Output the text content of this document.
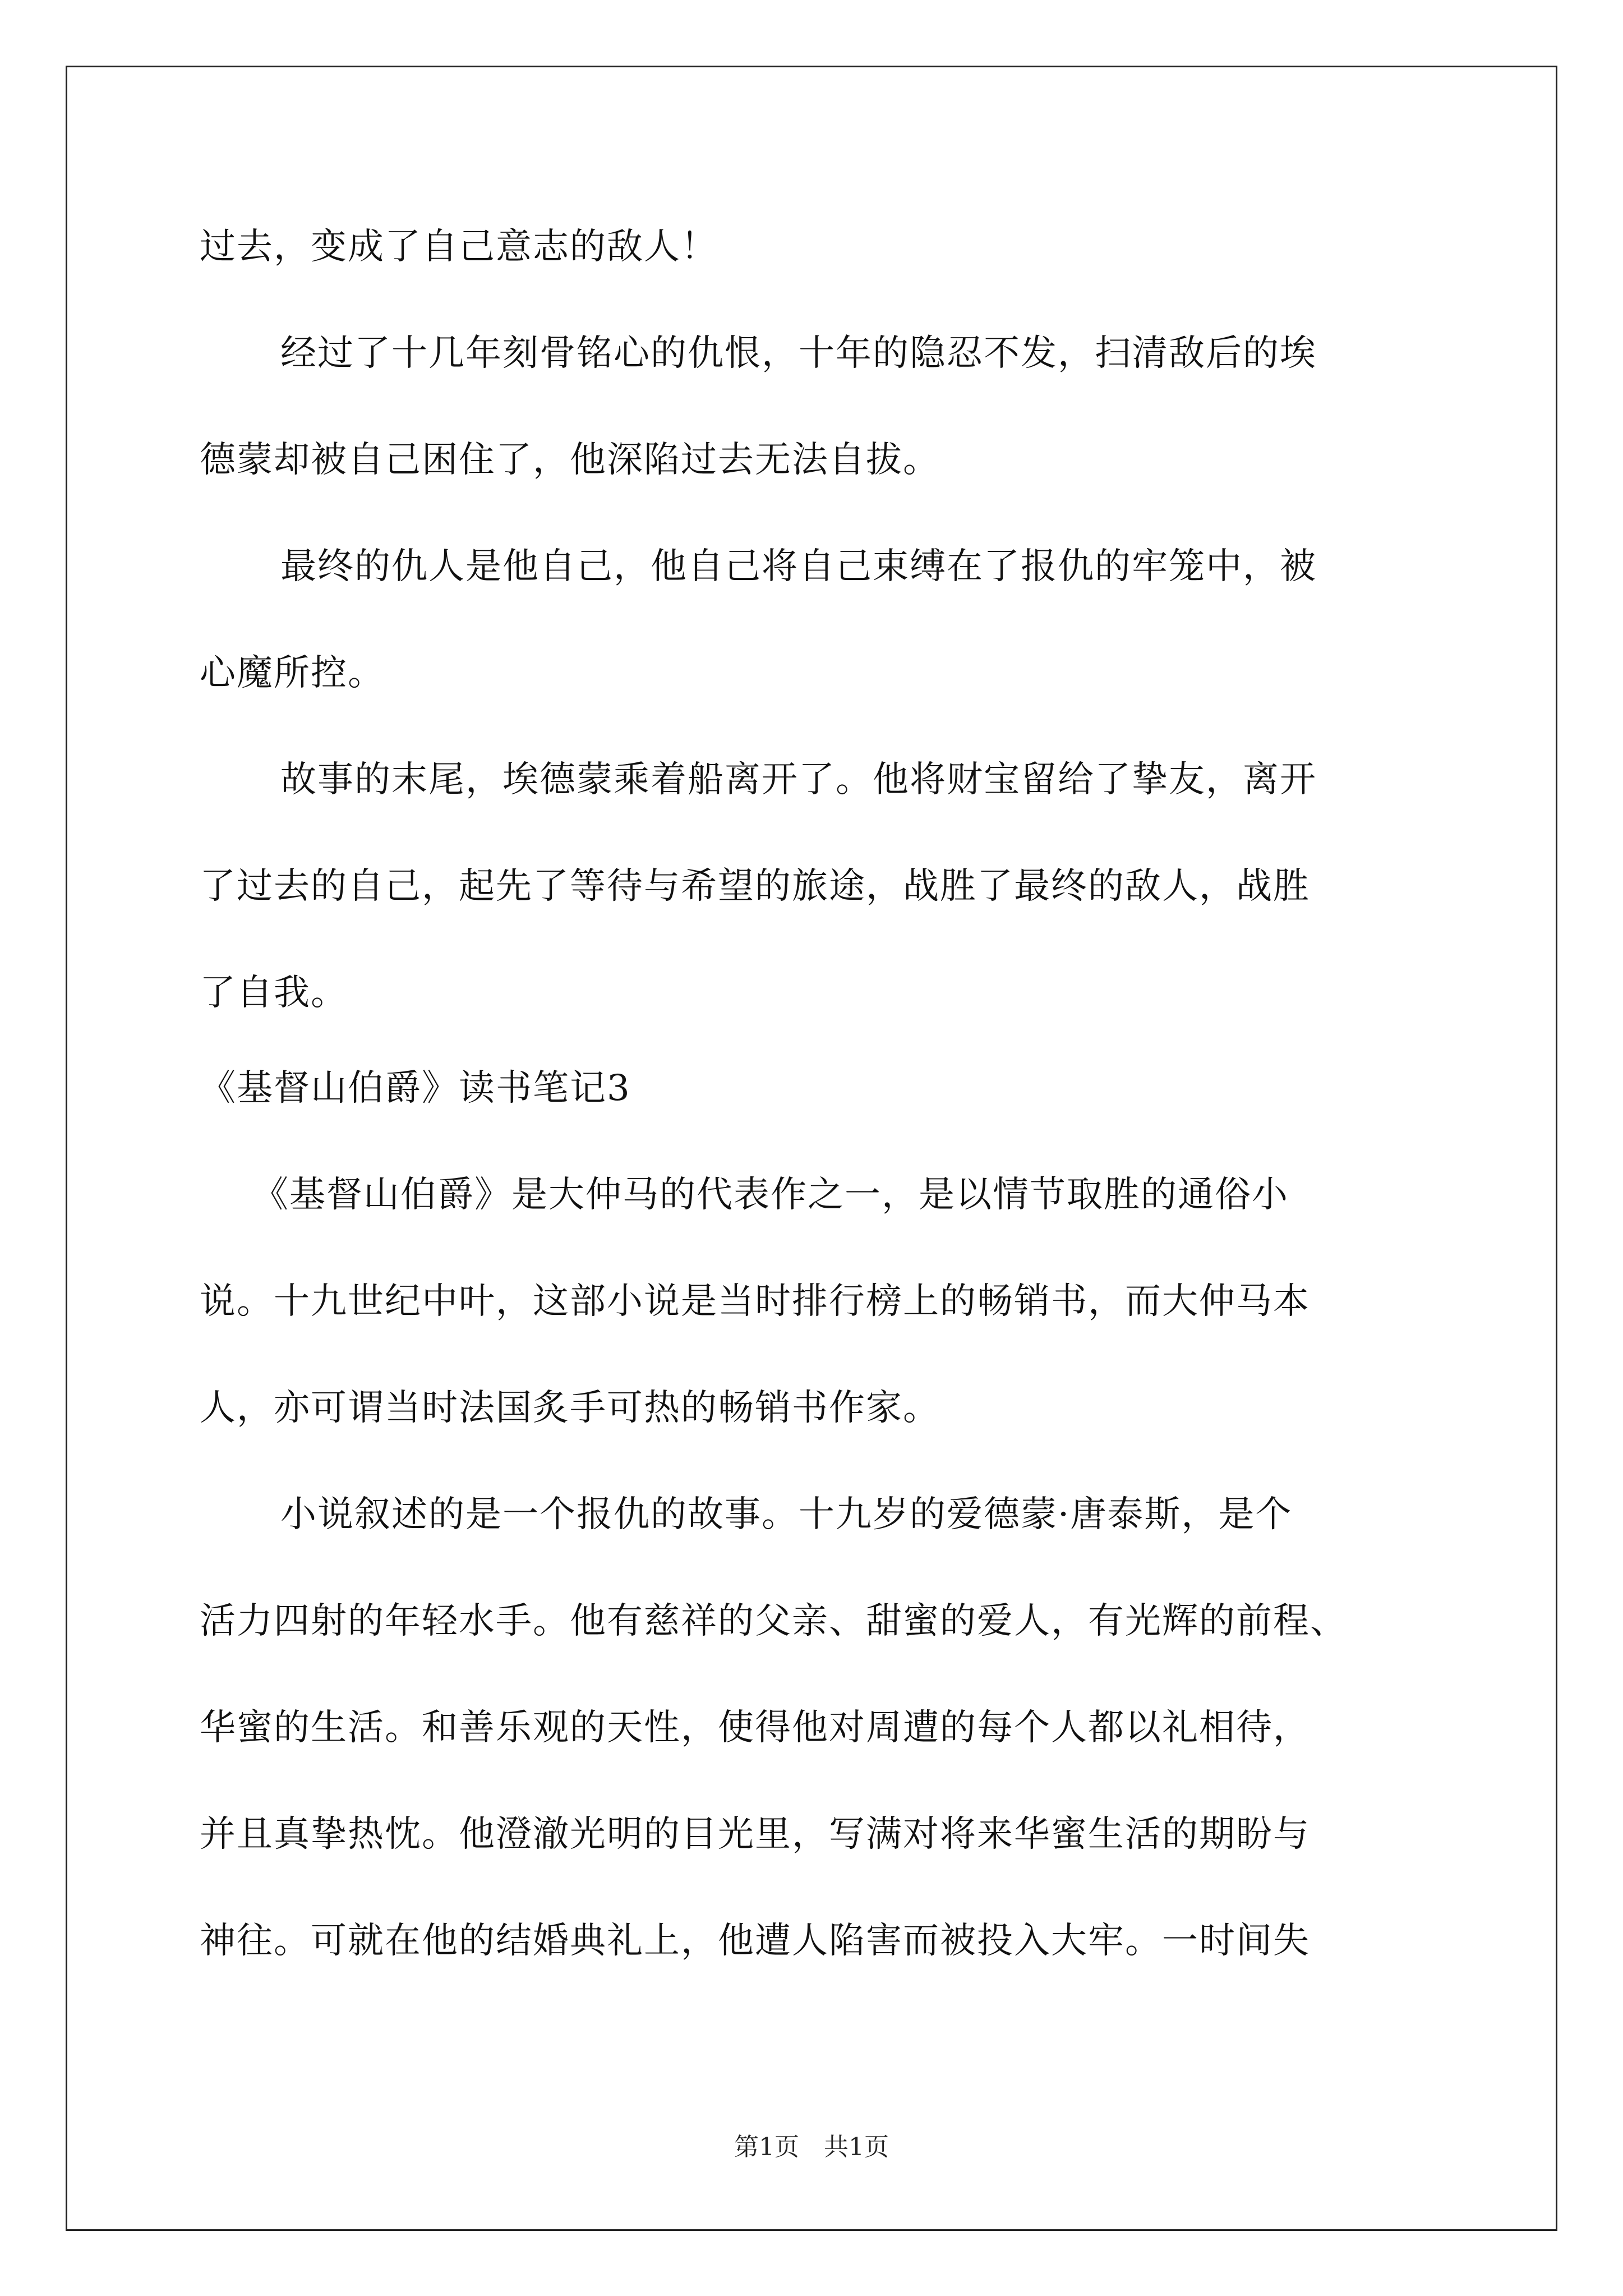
过去，变成了自己意志的敌人！
经过了十几年刻骨铭心的仇恨，十年的隐忍不发，扫清敌后的埃
德蒙却被自己困住了，他深陷过去无法自拔。
最终的仇人是他自己，他自己将自己束缚在了报仇的牢笼中，被
心魔所控。
故事的末尾，埃德蒙乘着船离开了。他将财宝留给了挚友，离开
了过去的自己，起先了等待与希望的旅途，战胜了最终的敌人，战胜
了自我。
《基督山伯爵》读书笔记3
《基督山伯爵》是大仲马的代表作之一，是以情节取胜的通俗小
说。十九世纪中叶，这部小说是当时排行榜上的畅销书，而大仲马本
人，亦可谓当时法国炙手可热的畅销书作家。
小说叙述的是一个报仇的故事。十九岁的爱德蒙·唐泰斯，是个
活力四射的年轻水手。他有慈祥的父亲、甜蜜的爱人，有光辉的前程、
华蜜的生活。和善乐观的天性，使得他对周遭的每个人都以礼相待，
并且真挚热忱。他澄澈光明的目光里，写满对将来华蜜生活的期盼与
神往。可就在他的结婚典礼上，他遭人陷害而被投入大牢。一时间失
第1页　共1页
